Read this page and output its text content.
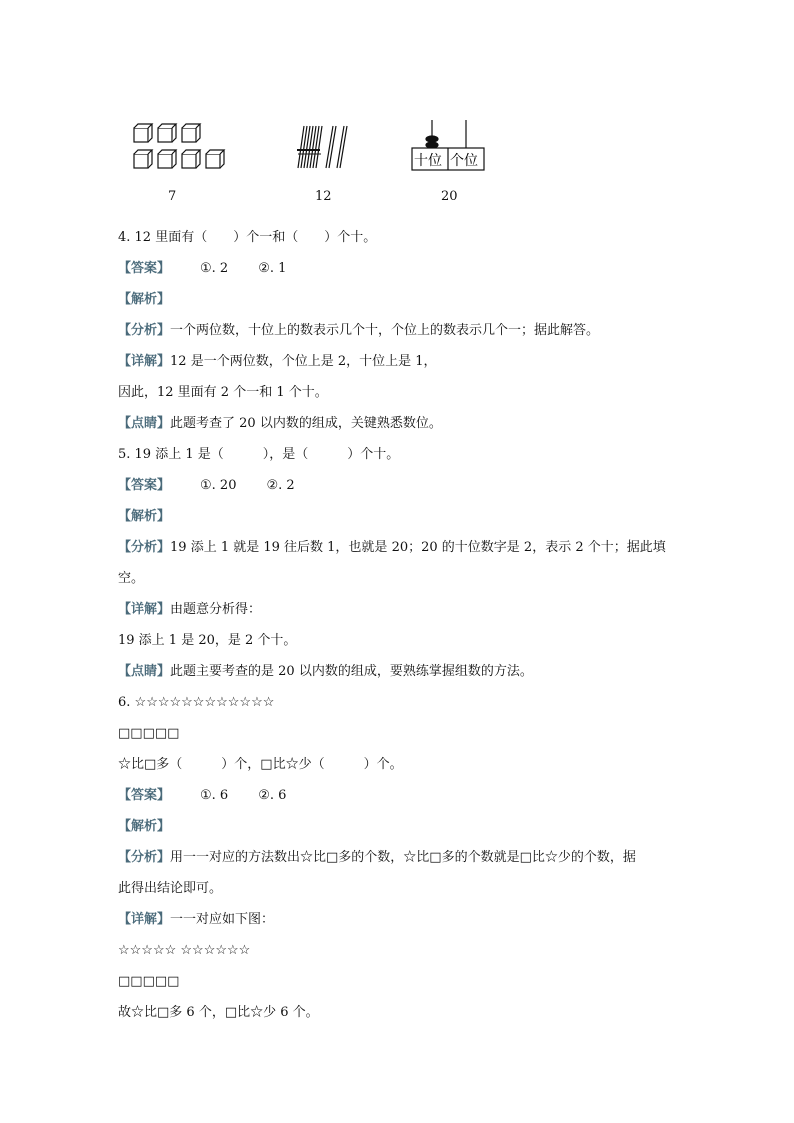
十位 个位
7	12	20
4. 12 里面有（　　）个一和（　　）个十。
【答案】 ①. 2 ②. 1
【解析】
【分析】一个两位数，十位上的数表示几个十，个位上的数表示几个一；据此解答。
【详解】12 是一个两位数，个位上是 2，十位上是 1，
因此，12 里面有 2 个一和 1 个十。
【点睛】此题考查了 20 以内数的组成，关键熟悉数位。
5. 19 添上 1 是（　　　），是（　　　）个十。
【答案】 ①. 20 ②. 2
【解析】
【分析】19 添上 1 就是 19 往后数 1，也就是 20；20 的十位数字是 2，表示 2 个十；据此填
空。
【详解】由题意分析得：
19 添上 1 是 20，是 2 个十。
【点睛】此题主要考查的是 20 以内数的组成，要熟练掌握组数的方法。
6. ☆☆☆☆☆☆☆☆☆☆☆☆
□□□□□
☆比□多（　　　）个，□比☆少（　　　）个。
【答案】 ①. 6 ②. 6
【解析】
【分析】用一一对应的方法数出☆比□多的个数，☆比□多的个数就是□比☆少的个数，据
此得出结论即可。
【详解】一一对应如下图：
☆☆☆☆☆ ☆☆☆☆☆☆
□□□□□
故☆比□多 6 个，□比☆少 6 个。
